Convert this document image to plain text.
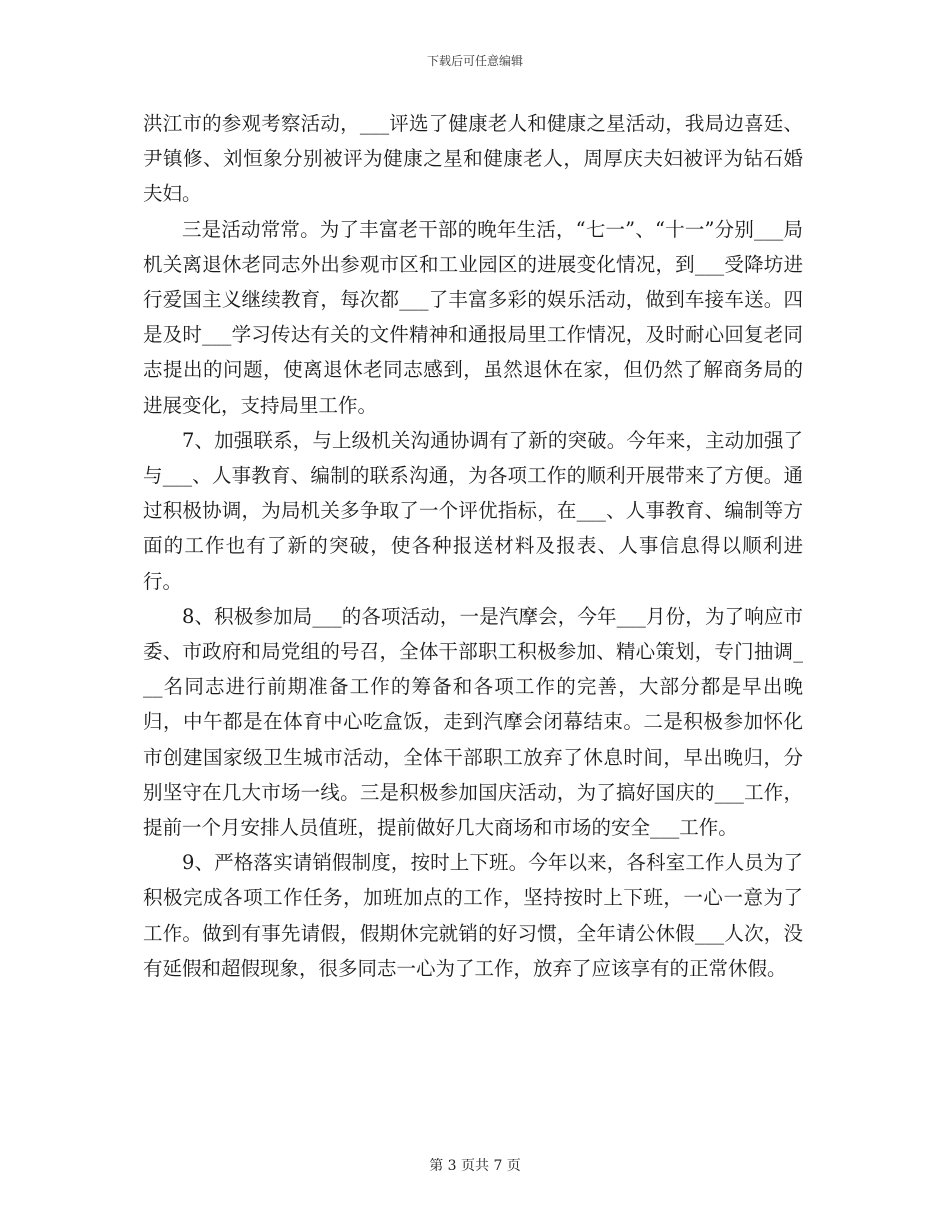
下载后可任意编辑

洪江市的参观考察活动，___评选了健康老人和健康之星活动，我局边喜廷、尹镇修、刘恒象分别被评为健康之星和健康老人，周厚庆夫妇被评为钻石婚夫妇。

三是活动常常。为了丰富老干部的晚年生活，“七一”、“十一”分别___局机关离退休老同志外出参观市区和工业园区的进展变化情况，到___受降坊进行爱国主义继续教育，每次都___了丰富多彩的娱乐活动，做到车接车送。四是及时___学习传达有关的文件精神和通报局里工作情况，及时耐心回复老同志提出的问题，使离退休老同志感到，虽然退休在家，但仍然了解商务局的进展变化，支持局里工作。

7、加强联系，与上级机关沟通协调有了新的突破。今年来，主动加强了与___、人事教育、编制的联系沟通，为各项工作的顺利开展带来了方便。通过积极协调，为局机关多争取了一个评优指标，在___、人事教育、编制等方面的工作也有了新的突破，使各种报送材料及报表、人事信息得以顺利进行。

8、积极参加局___的各项活动，一是汽摩会，今年___月份，为了响应市委、市政府和局党组的号召，全体干部职工积极参加、精心策划，专门抽调___名同志进行前期准备工作的筹备和各项工作的完善，大部分都是早出晚归，中午都是在体育中心吃盒饭，走到汽摩会闭幕结束。二是积极参加怀化市创建国家级卫生城市活动，全体干部职工放弃了休息时间，早出晚归，分别坚守在几大市场一线。三是积极参加国庆活动，为了搞好国庆的___工作，提前一个月安排人员值班，提前做好几大商场和市场的安全___工作。

9、严格落实请销假制度，按时上下班。今年以来，各科室工作人员为了积极完成各项工作任务，加班加点的工作，坚持按时上下班，一心一意为了工作。做到有事先请假，假期休完就销的好习惯，全年请公休假___人次，没有延假和超假现象，很多同志一心为了工作，放弃了应该享有的正常休假。

第 3 页共 7 页
